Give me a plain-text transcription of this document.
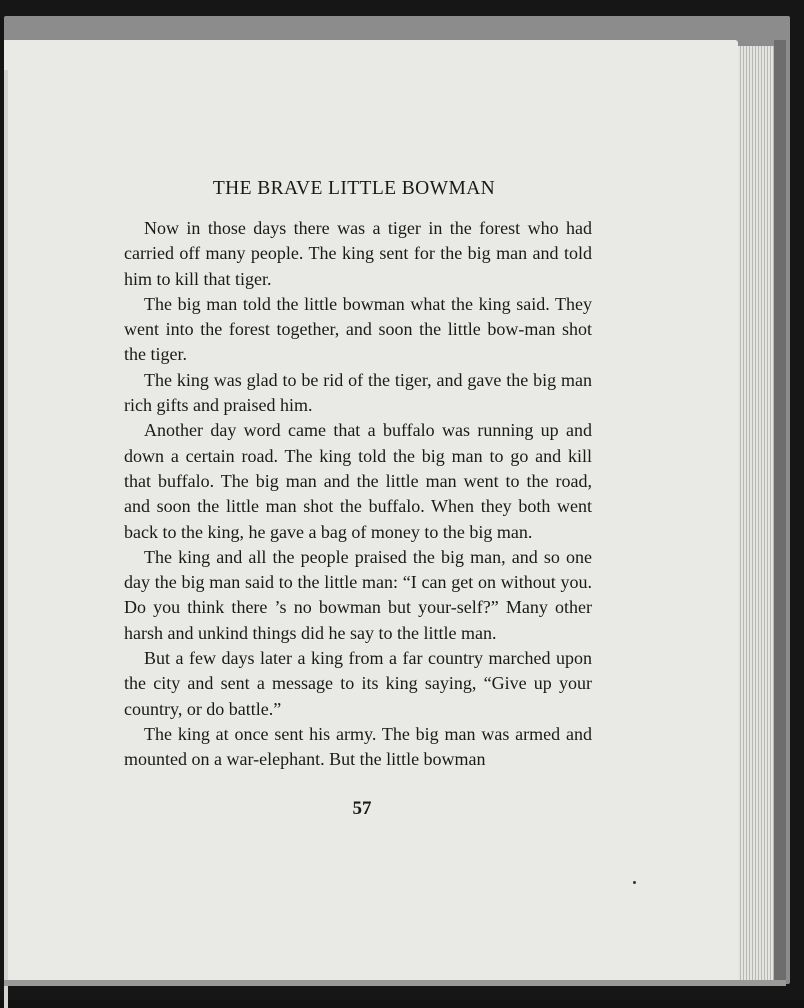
THE BRAVE LITTLE BOWMAN

Now in those days there was a tiger in the forest who had carried off many people. The king sent for the big man and told him to kill that tiger.

The big man told the little bowman what the king said. They went into the forest together, and soon the little bow-man shot the tiger.

The king was glad to be rid of the tiger, and gave the big man rich gifts and praised him.

Another day word came that a buffalo was running up and down a certain road. The king told the big man to go and kill that buffalo. The big man and the little man went to the road, and soon the little man shot the buffalo. When they both went back to the king, he gave a bag of money to the big man.

The king and all the people praised the big man, and so one day the big man said to the little man: “I can get on without you. Do you think there ’s no bowman but your-self?” Many other harsh and unkind things did he say to the little man.

But a few days later a king from a far country marched upon the city and sent a message to its king saying, “Give up your country, or do battle.”

The king at once sent his army. The big man was armed and mounted on a war-elephant. But the little bowman

57
